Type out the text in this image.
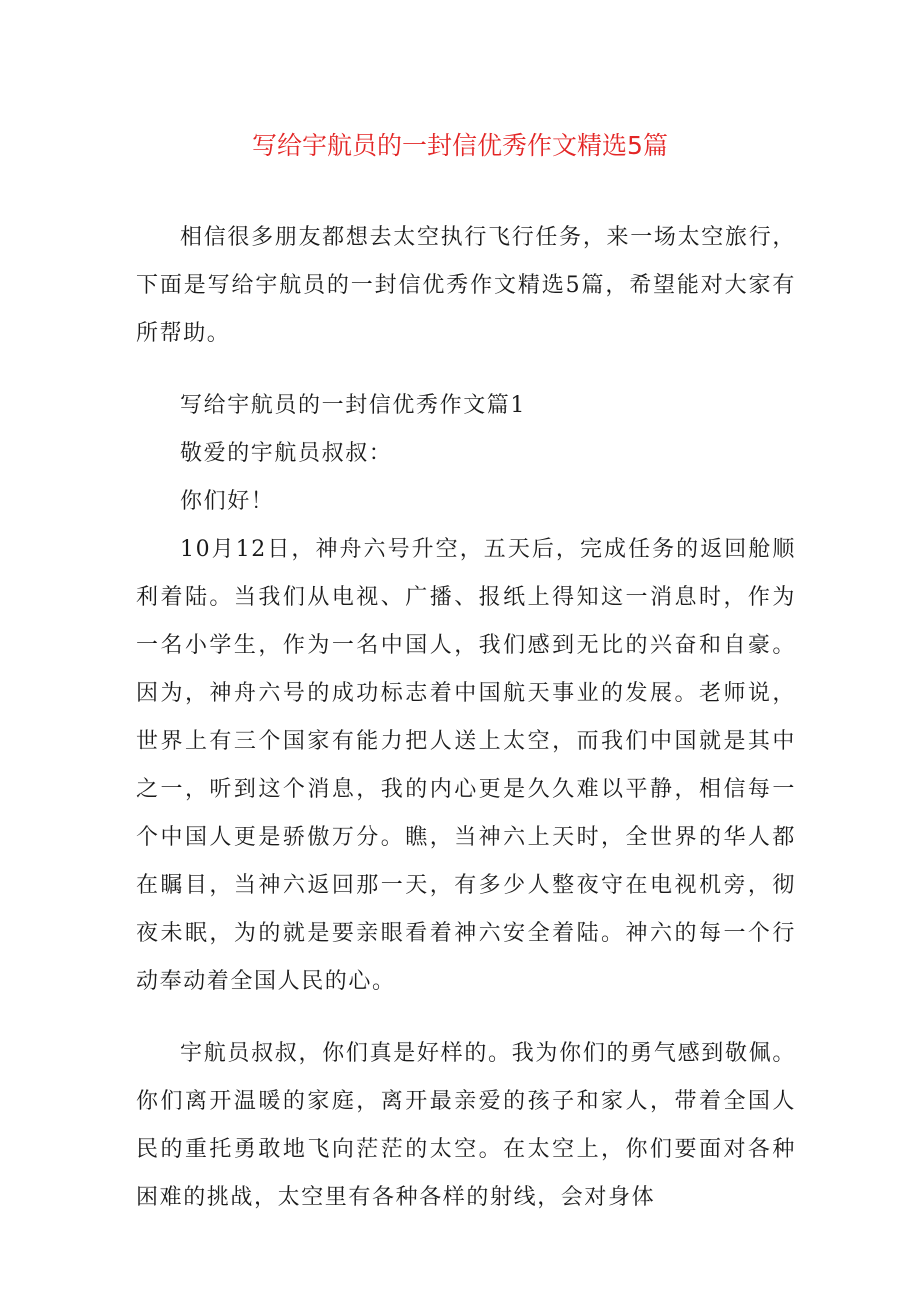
写给宇航员的一封信优秀作文精选5篇

相信很多朋友都想去太空执行飞行任务，来一场太空旅行，下面是写给宇航员的一封信优秀作文精选5篇，希望能对大家有所帮助。

写给宇航员的一封信优秀作文篇1

敬爱的宇航员叔叔：

你们好！

10月12日，神舟六号升空，五天后，完成任务的返回舱顺利着陆。当我们从电视、广播、报纸上得知这一消息时，作为一名小学生，作为一名中国人，我们感到无比的兴奋和自豪。因为，神舟六号的成功标志着中国航天事业的发展。老师说，世界上有三个国家有能力把人送上太空，而我们中国就是其中之一，听到这个消息，我的内心更是久久难以平静，相信每一个中国人更是骄傲万分。瞧，当神六上天时，全世界的华人都在瞩目，当神六返回那一天，有多少人整夜守在电视机旁，彻夜未眠，为的就是要亲眼看着神六安全着陆。神六的每一个行动奉动着全国人民的心。

宇航员叔叔，你们真是好样的。我为你们的勇气感到敬佩。你们离开温暖的家庭，离开最亲爱的孩子和家人，带着全国人民的重托勇敢地飞向茫茫的太空。在太空上，你们要面对各种困难的挑战，太空里有各种各样的射线，会对身体
